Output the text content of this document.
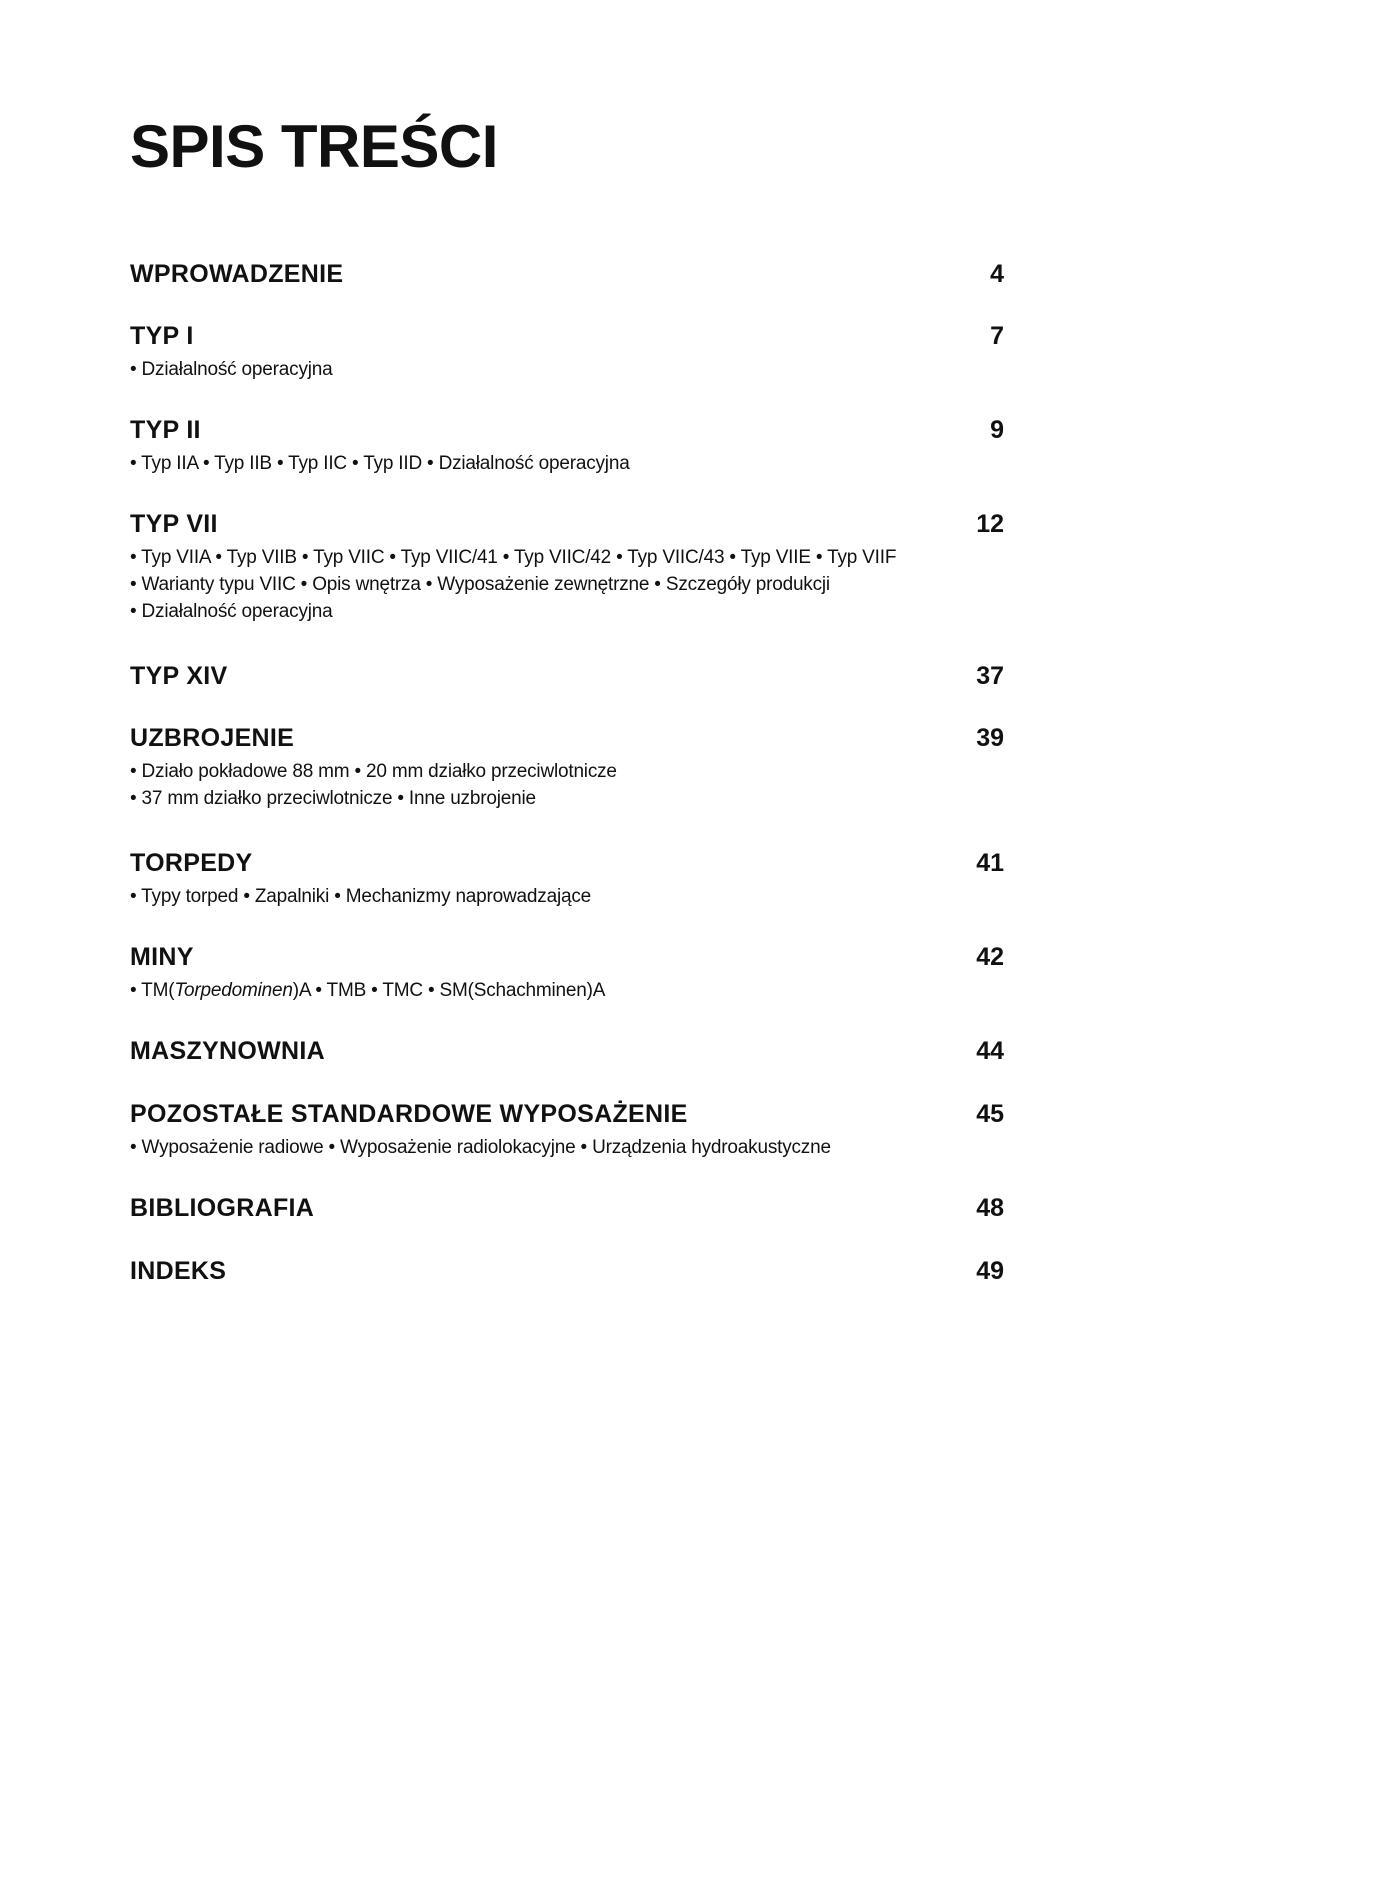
SPIS TREŚCI
WPROWADZENIE	4
TYP I	7
• Działalność operacyjna
TYP II	9
• Typ IIA • Typ IIB • Typ IIC • Typ IID • Działalność operacyjna
TYP VII	12
• Typ VIIA • Typ VIIB • Typ VIIC • Typ VIIC/41 • Typ VIIC/42 • Typ VIIC/43 • Typ VIIE • Typ VIIF
• Warianty typu VIIC • Opis wnętrza • Wyposażenie zewnętrzne • Szczegóły produkcji
• Działalność operacyjna
TYP XIV	37
UZBROJENIE	39
• Działo pokładowe 88 mm • 20 mm działko przeciwlotnicze
• 37 mm działko przeciwlotnicze • Inne uzbrojenie
TORPEDY	41
• Typy torped • Zapalniki • Mechanizmy naprowadzające
MINY	42
• TM(Torpedominen)A • TMB • TMC • SM(Schachminen)A
MASZYNOWNIA	44
POZOSTAŁE STANDARDOWE WYPOSAŻENIE	45
• Wyposażenie radiowe • Wyposażenie radiolokacyjne • Urządzenia hydroakustyczne
BIBLIOGRAFIA	48
INDEKS	49
